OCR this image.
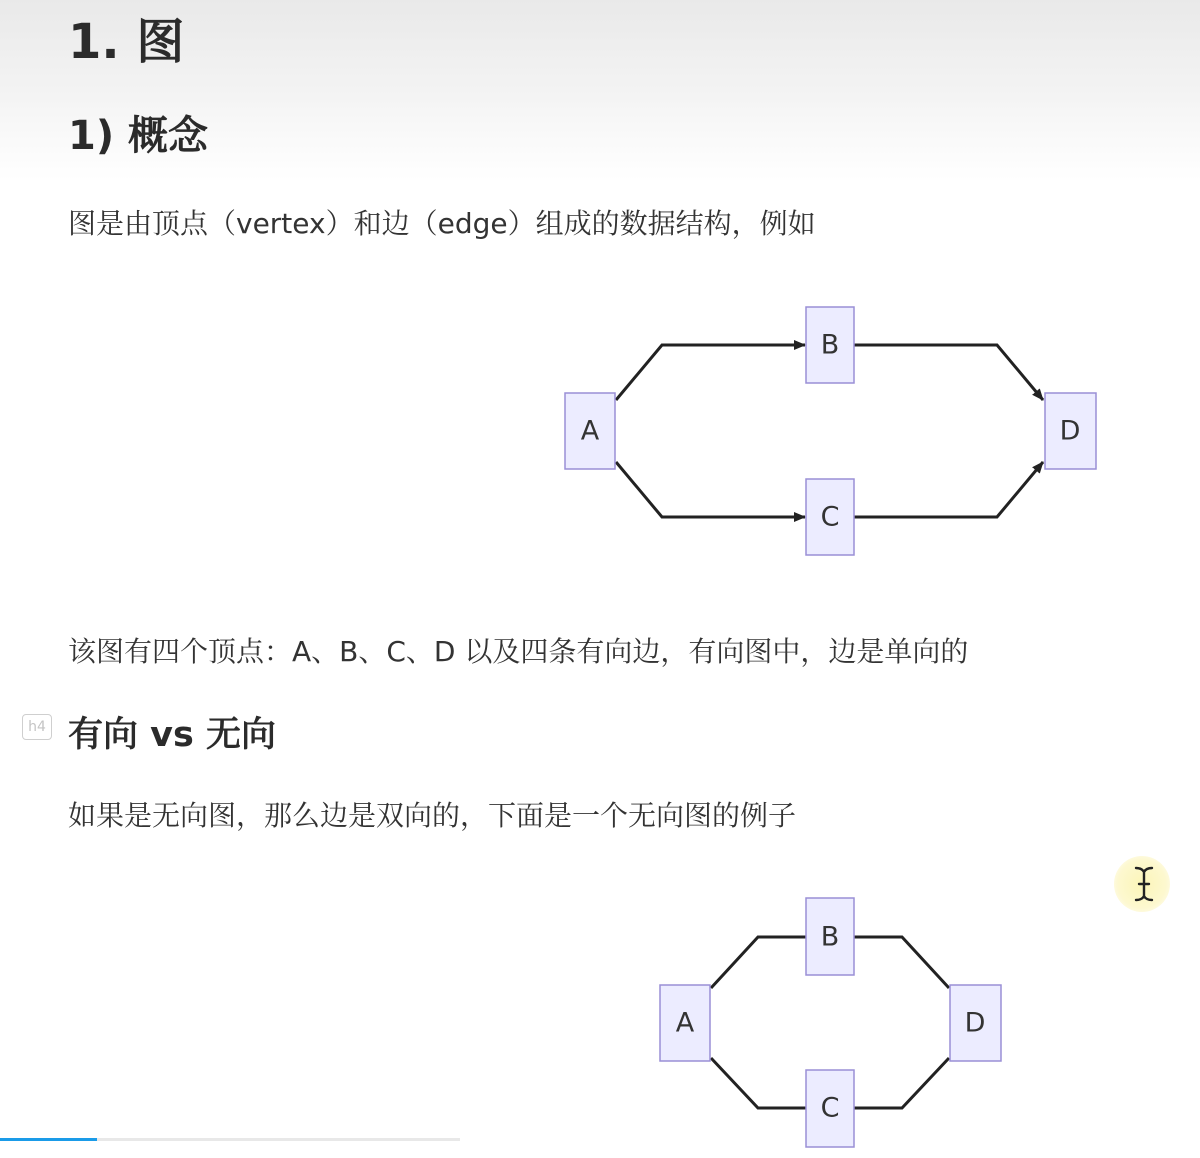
1. 图
1) 概念

图是由顶点（vertex）和边（edge）组成的数据结构，例如

A
B
C
D

该图有四个顶点：A、B、C、D 以及四条有向边，有向图中，边是单向的

h4 有向 vs 无向

如果是无向图，那么边是双向的，下面是一个无向图的例子

A
B
C
D
